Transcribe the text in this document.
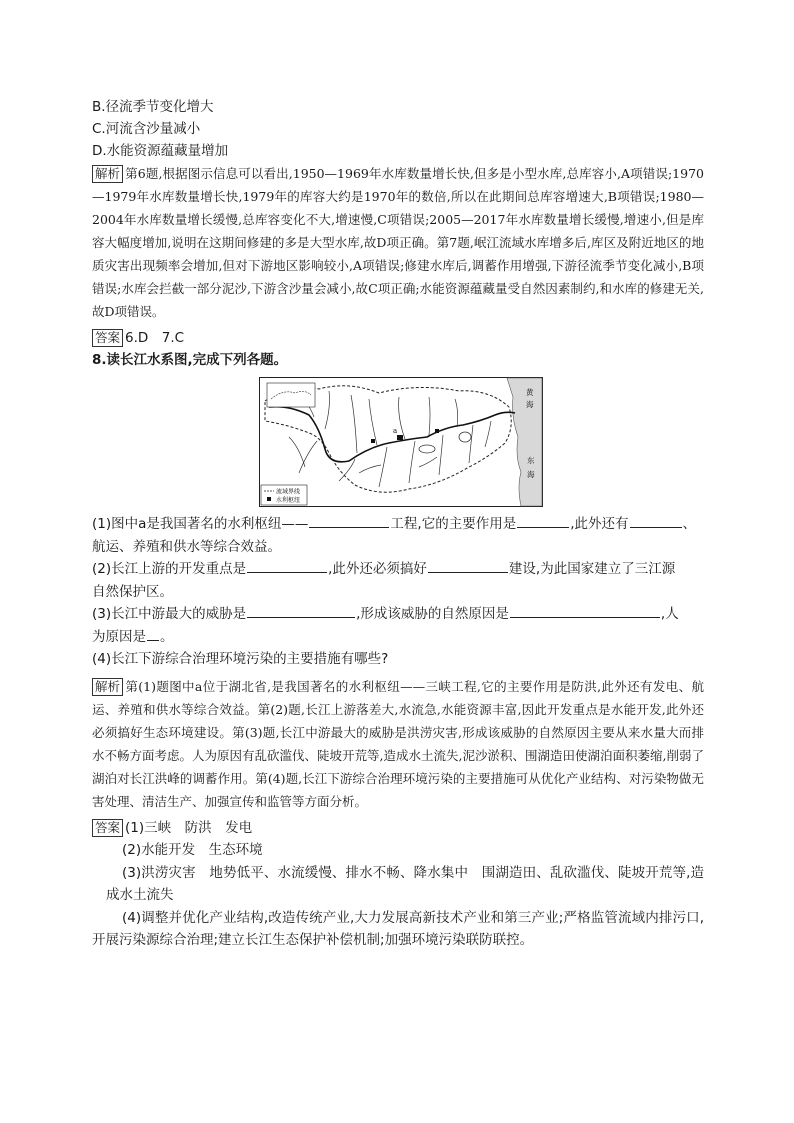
B.径流季节变化增大
C.河流含沙量减小
D.水能资源蕴藏量增加
解析 第6题,根据图示信息可以看出,1950—1969年水库数量增长快,但多是小型水库,总库容小,A项错误;1970—1979年水库数量增长快,1979年的库容大约是1970年的数倍,所以在此期间总库容增速大,B项错误;1980—2004年水库数量增长缓慢,总库容变化不大,增速慢,C项错误;2005—2017年水库数量增长缓慢,增速小,但是库容大幅度增加,说明在这期间修建的多是大型水库,故D项正确。第7题,岷江流域水库增多后,库区及附近地区的地质灾害出现频率会增加,但对下游地区影响较小,A项错误;修建水库后,调蓄作用增强,下游径流季节变化减小,B项错误;水库会拦截一部分泥沙,下游含沙量会减小,故C项正确;水能资源蕴藏量受自然因素制约,和水库的修建无关,故D项错误。
答案 6.D　7.C
8.读长江水系图,完成下列各题。
a
黄
海
东
海
流域界线
水利枢纽
(1)图中a是我国著名的水利枢纽——	工程,它的主要作用是	,此外还有	、
航运、养殖和供水等综合效益。
(2)长江上游的开发重点是	,此外还必须搞好	建设,为此国家建立了三江源
自然保护区。
(3)长江中游最大的威胁是	,形成该威胁的自然原因是	,人
为原因是 。
(4)长江下游综合治理环境污染的主要措施有哪些?
解析 第(1)题图中a位于湖北省,是我国著名的水利枢纽——三峡工程,它的主要作用是防洪,此外还有发电、航运、养殖和供水等综合效益。第(2)题,长江上游落差大,水流急,水能资源丰富,因此开发重点是水能开发,此外还必须搞好生态环境建设。第(3)题,长江中游最大的威胁是洪涝灾害,形成该威胁的自然原因主要从来水量大而排水不畅方面考虑。人为原因有乱砍滥伐、陡坡开荒等,造成水土流失,泥沙淤积、围湖造田使湖泊面积萎缩,削弱了湖泊对长江洪峰的调蓄作用。第(4)题,长江下游综合治理环境污染的主要措施可从优化产业结构、对污染物做无害处理、清洁生产、加强宣传和监管等方面分析。
答案 (1)三峡　防洪　发电
(2)水能开发　生态环境
(3)洪涝灾害　地势低平、水流缓慢、排水不畅、降水集中　围湖造田、乱砍滥伐、陡坡开荒等,造成水土流失
(4)调整并优化产业结构,改造传统产业,大力发展高新技术产业和第三产业;严格监管流域内排污口,开展污染源综合治理;建立长江生态保护补偿机制;加强环境污染联防联控。
